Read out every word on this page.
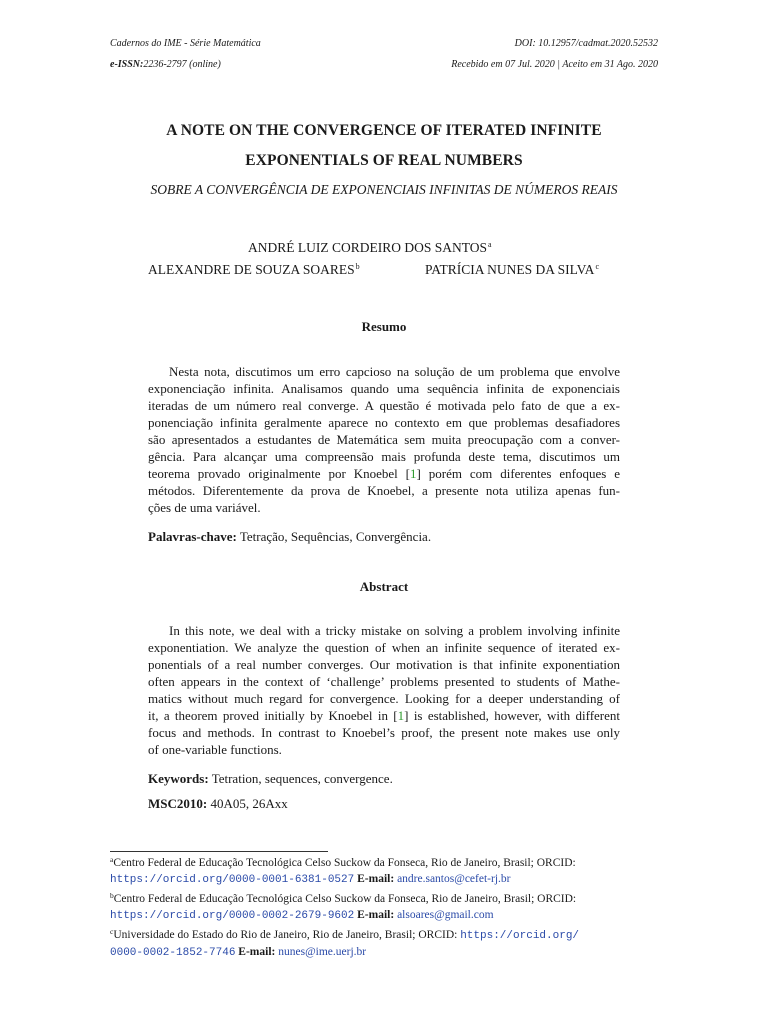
Cadernos do IME - Série Matemática	DOI: 10.12957/cadmat.2020.52532
e-ISSN:2236-2797 (online)	Recebido em 07 Jul. 2020 | Aceito em 31 Ago. 2020
A NOTE ON THE CONVERGENCE OF ITERATED INFINITE
EXPONENTIALS OF REAL NUMBERS
SOBRE A CONVERGÊNCIA DE EXPONENCIAIS INFINITAS DE NÚMEROS REAIS
ANDRÉ LUIZ CORDEIRO DOS SANTOS$^a$
ALEXANDRE DE SOUZA SOARES$^b$	PATRÍCIA NUNES DA SILVA$^c$
Resumo
Nesta nota, discutimos um erro capcioso na solução de um problema que envolve
exponenciação infinita. Analisamos quando uma sequência infinita de exponenciais
iteradas de um número real converge. A questão é motivada pelo fato de que a ex-
ponenciação infinita geralmente aparece no contexto em que problemas desafiadores
são apresentados a estudantes de Matemática sem muita preocupação com a conver-
gência. Para alcançar uma compreensão mais profunda deste tema, discutimos um
teorema provado originalmente por Knoebel [1] porém com diferentes enfoques e
métodos. Diferentemente da prova de Knoebel, a presente nota utiliza apenas fun-
ções de uma variável.
Palavras-chave: Tetração, Sequências, Convergência.
Abstract
In this note, we deal with a tricky mistake on solving a problem involving infinite
exponentiation. We analyze the question of when an infinite sequence of iterated ex-
ponentials of a real number converges. Our motivation is that infinite exponentiation
often appears in the context of ‘challenge’ problems presented to students of Mathe-
matics without much regard for convergence. Looking for a deeper understanding of
it, a theorem proved initially by Knoebel in [1] is established, however, with different
focus and methods. In contrast to Knoebel’s proof, the present note makes use only
of one-variable functions.
Keywords: Tetration, sequences, convergence.
MSC2010: 40A05, 26Axx
$^a$Centro Federal de Educação Tecnológica Celso Suckow da Fonseca, Rio de Janeiro, Brasil; ORCID:
https://orcid.org/0000-0001-6381-0527 E-mail: andre.santos@cefet-rj.br
$^b$Centro Federal de Educação Tecnológica Celso Suckow da Fonseca, Rio de Janeiro, Brasil; ORCID:
https://orcid.org/0000-0002-2679-9602 E-mail: alsoares@gmail.com
$^c$Universidade do Estado do Rio de Janeiro, Rio de Janeiro, Brasil; ORCID: https://orcid.org/
0000-0002-1852-7746 E-mail: nunes@ime.uerj.br
